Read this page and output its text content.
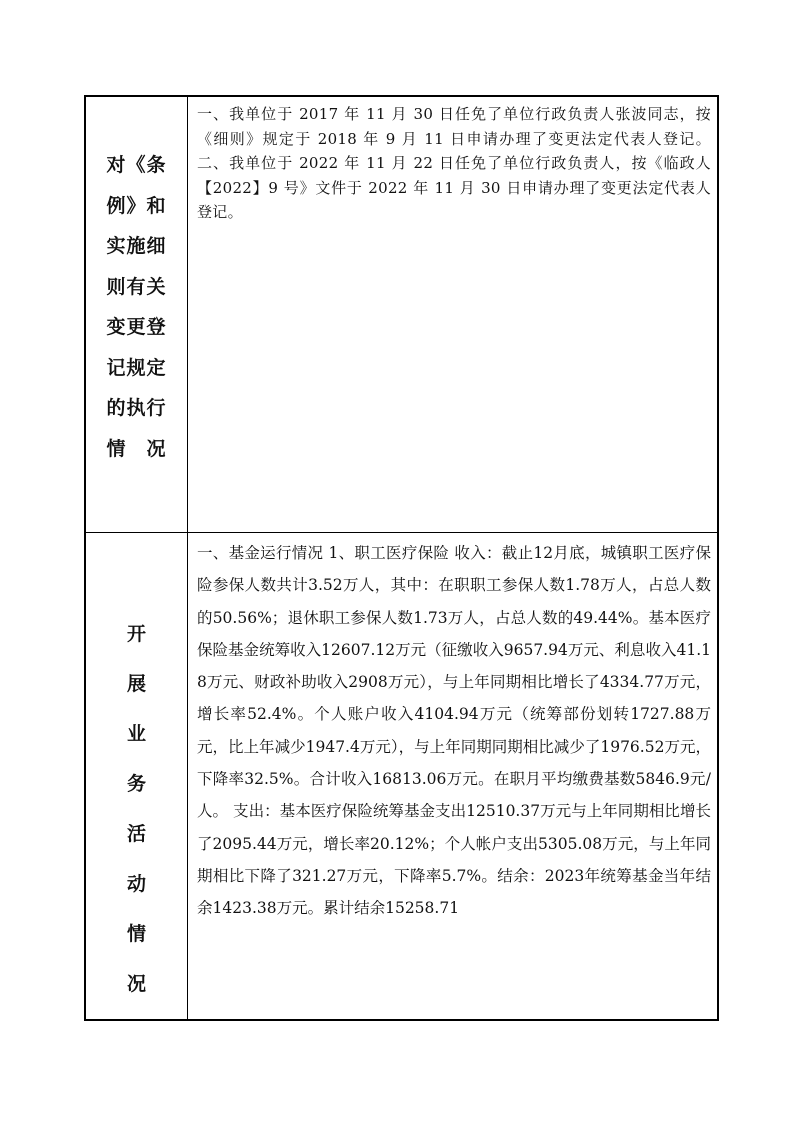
对《条
例》和
实施细
则有关
变更登
记规定
的执行
情　况

一、我单位于 2017 年 11 月 30 日任免了单位行政负责人张波同志，按《细则》规定于 2018 年 9 月 11 日申请办理了变更法定代表人登记。 二、我单位于 2022 年 11 月 22 日任免了单位行政负责人，按《临政人【2022】9 号》文件于 2022 年 11 月 30 日申请办理了变更法定代表人登记。

开
展
业
务
活
动
情
况

一、基金运行情况 1、职工医疗保险 收入：截止12月底，城镇职工医疗保险参保人数共计3.52万人，其中：在职职工参保人数1.78万人，占总人数的50.56%；退休职工参保人数1.73万人，占总人数的49.44%。基本医疗保险基金统筹收入12607.12万元（征缴收入9657.94万元、利息收入41.18万元、财政补助收入2908万元），与上年同期相比增长了4334.77万元，增长率52.4%。个人账户收入4104.94万元（统筹部份划转1727.88万元，比上年减少1947.4万元），与上年同期同期相比减少了1976.52万元，下降率32.5%。合计收入16813.06万元。在职月平均缴费基数5846.9元/人。 支出：基本医疗保险统筹基金支出12510.37万元与上年同期相比增长了2095.44万元，增长率20.12%；个人帐户支出5305.08万元，与上年同期相比下降了321.27万元，下降率5.7%。结余：2023年统筹基金当年结余1423.38万元。累计结余15258.71
